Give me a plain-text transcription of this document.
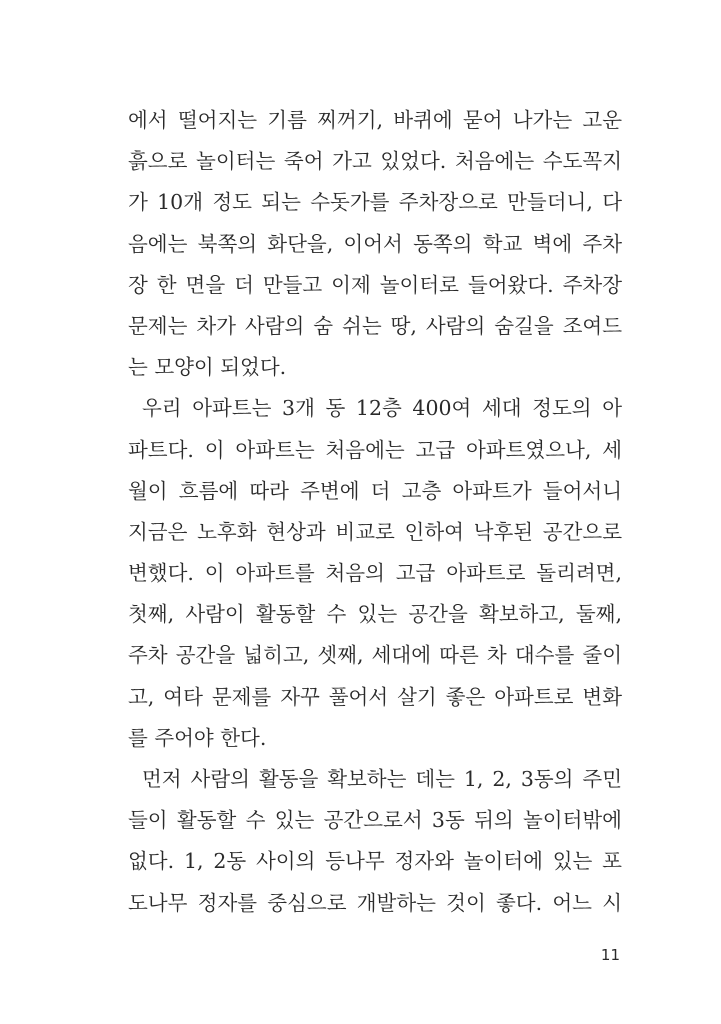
에서 떨어지는 기름 찌꺼기, 바퀴에 묻어 나가는 고운
흙으로 놀이터는 죽어 가고 있었다. 처음에는 수도꼭지
가 10개 정도 되는 수돗가를 주차장으로 만들더니, 다
음에는 북쪽의 화단을, 이어서 동쪽의 학교 벽에 주차
장 한 면을 더 만들고 이제 놀이터로 들어왔다. 주차장
문제는 차가 사람의 숨 쉬는 땅, 사람의 숨길을 조여드
는 모양이 되었다.
우리 아파트는 3개 동 12층 400여 세대 정도의 아
파트다. 이 아파트는 처음에는 고급 아파트였으나, 세
월이 흐름에 따라 주변에 더 고층 아파트가 들어서니
지금은 노후화 현상과 비교로 인하여 낙후된 공간으로
변했다. 이 아파트를 처음의 고급 아파트로 돌리려면,
첫째, 사람이 활동할 수 있는 공간을 확보하고, 둘째,
주차 공간을 넓히고, 셋째, 세대에 따른 차 대수를 줄이
고, 여타 문제를 자꾸 풀어서 살기 좋은 아파트로 변화
를 주어야 한다.
먼저 사람의 활동을 확보하는 데는 1, 2, 3동의 주민
들이 활동할 수 있는 공간으로서 3동 뒤의 놀이터밖에
없다. 1, 2동 사이의 등나무 정자와 놀이터에 있는 포
도나무 정자를 중심으로 개발하는 것이 좋다. 어느 시
11
